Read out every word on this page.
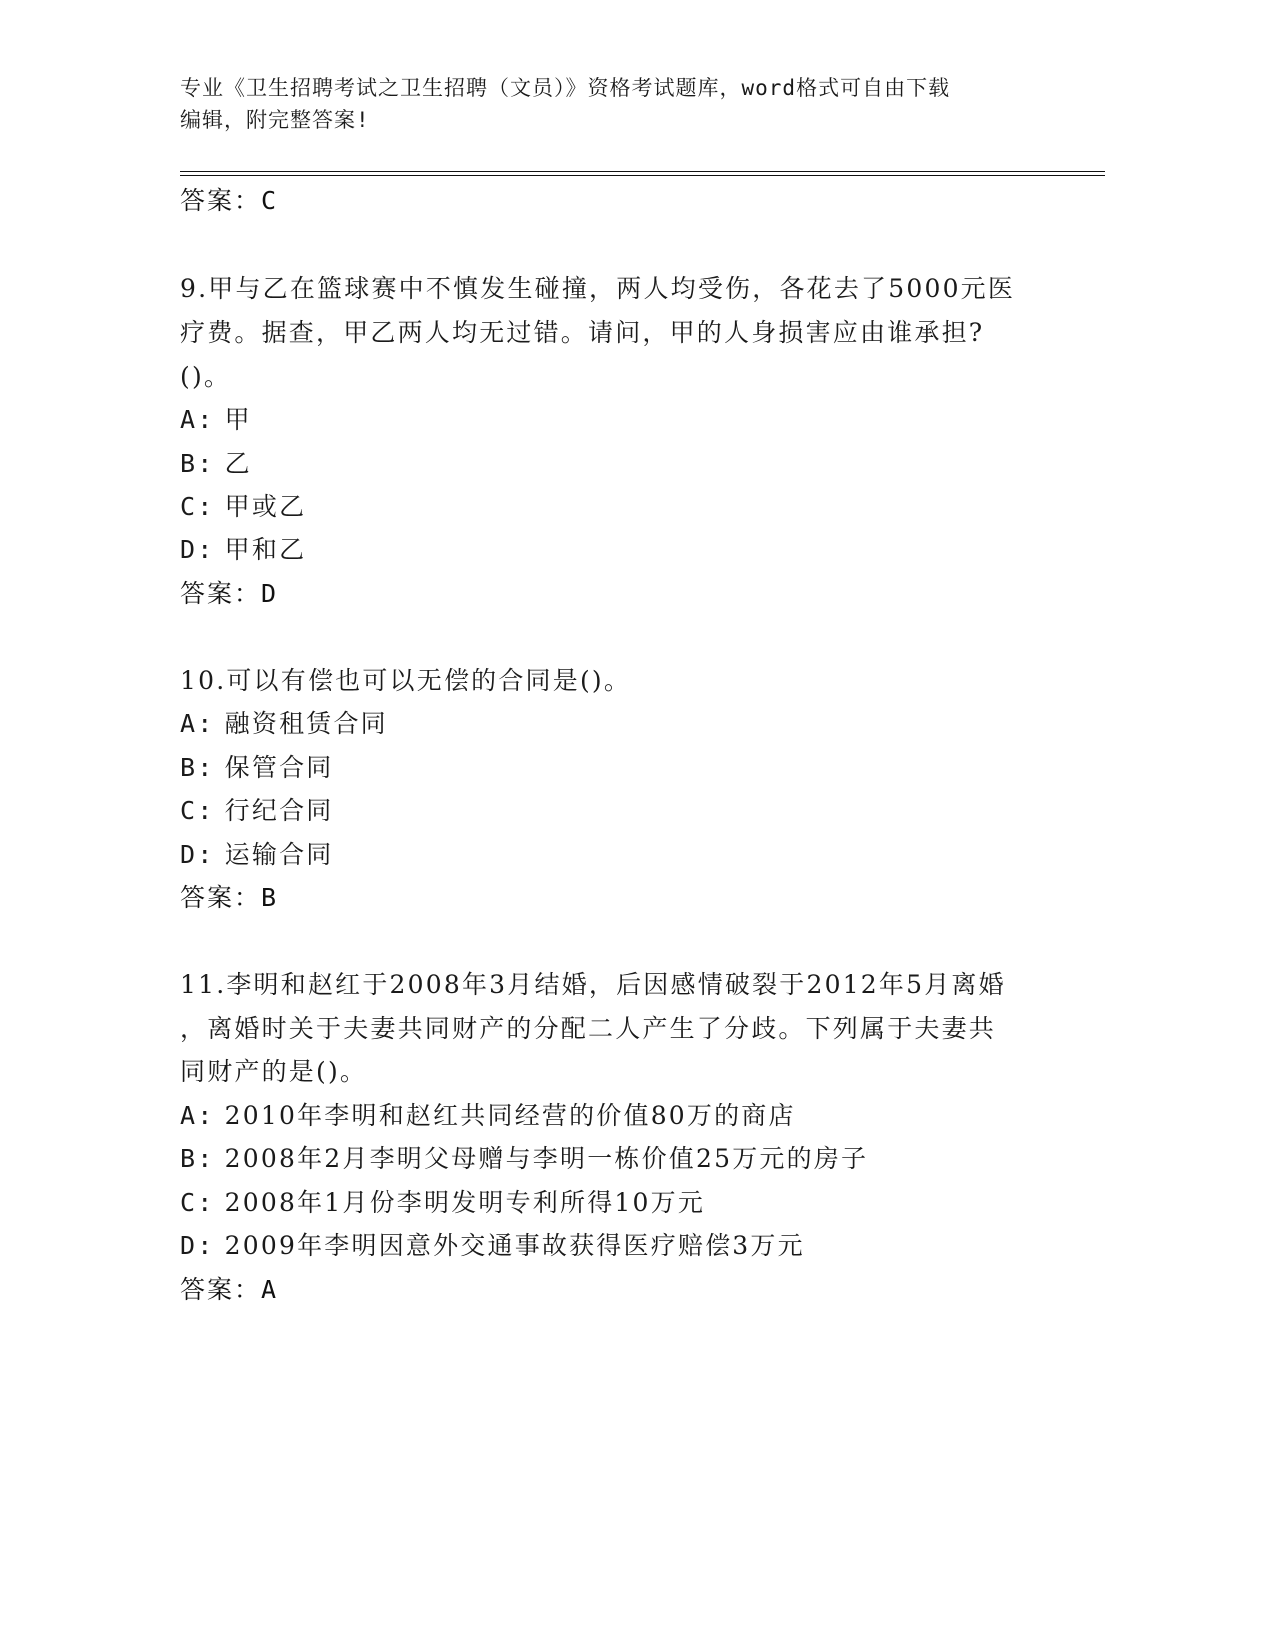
专业《卫生招聘考试之卫生招聘（文员）》资格考试题库，word格式可自由下载
编辑，附完整答案!
答案：C
9.甲与乙在篮球赛中不慎发生碰撞，两人均受伤，各花去了5000元医
疗费。据查，甲乙两人均无过错。请问，甲的人身损害应由谁承担?
()。
A: 甲
B: 乙
C: 甲或乙
D: 甲和乙
答案：D
10.可以有偿也可以无偿的合同是()。
A: 融资租赁合同
B: 保管合同
C: 行纪合同
D: 运输合同
答案：B
11.李明和赵红于2008年3月结婚，后因感情破裂于2012年5月离婚
，离婚时关于夫妻共同财产的分配二人产生了分歧。下列属于夫妻共
同财产的是()。
A: 2010年李明和赵红共同经营的价值80万的商店
B: 2008年2月李明父母赠与李明一栋价值25万元的房子
C: 2008年1月份李明发明专利所得10万元
D: 2009年李明因意外交通事故获得医疗赔偿3万元
答案：A
